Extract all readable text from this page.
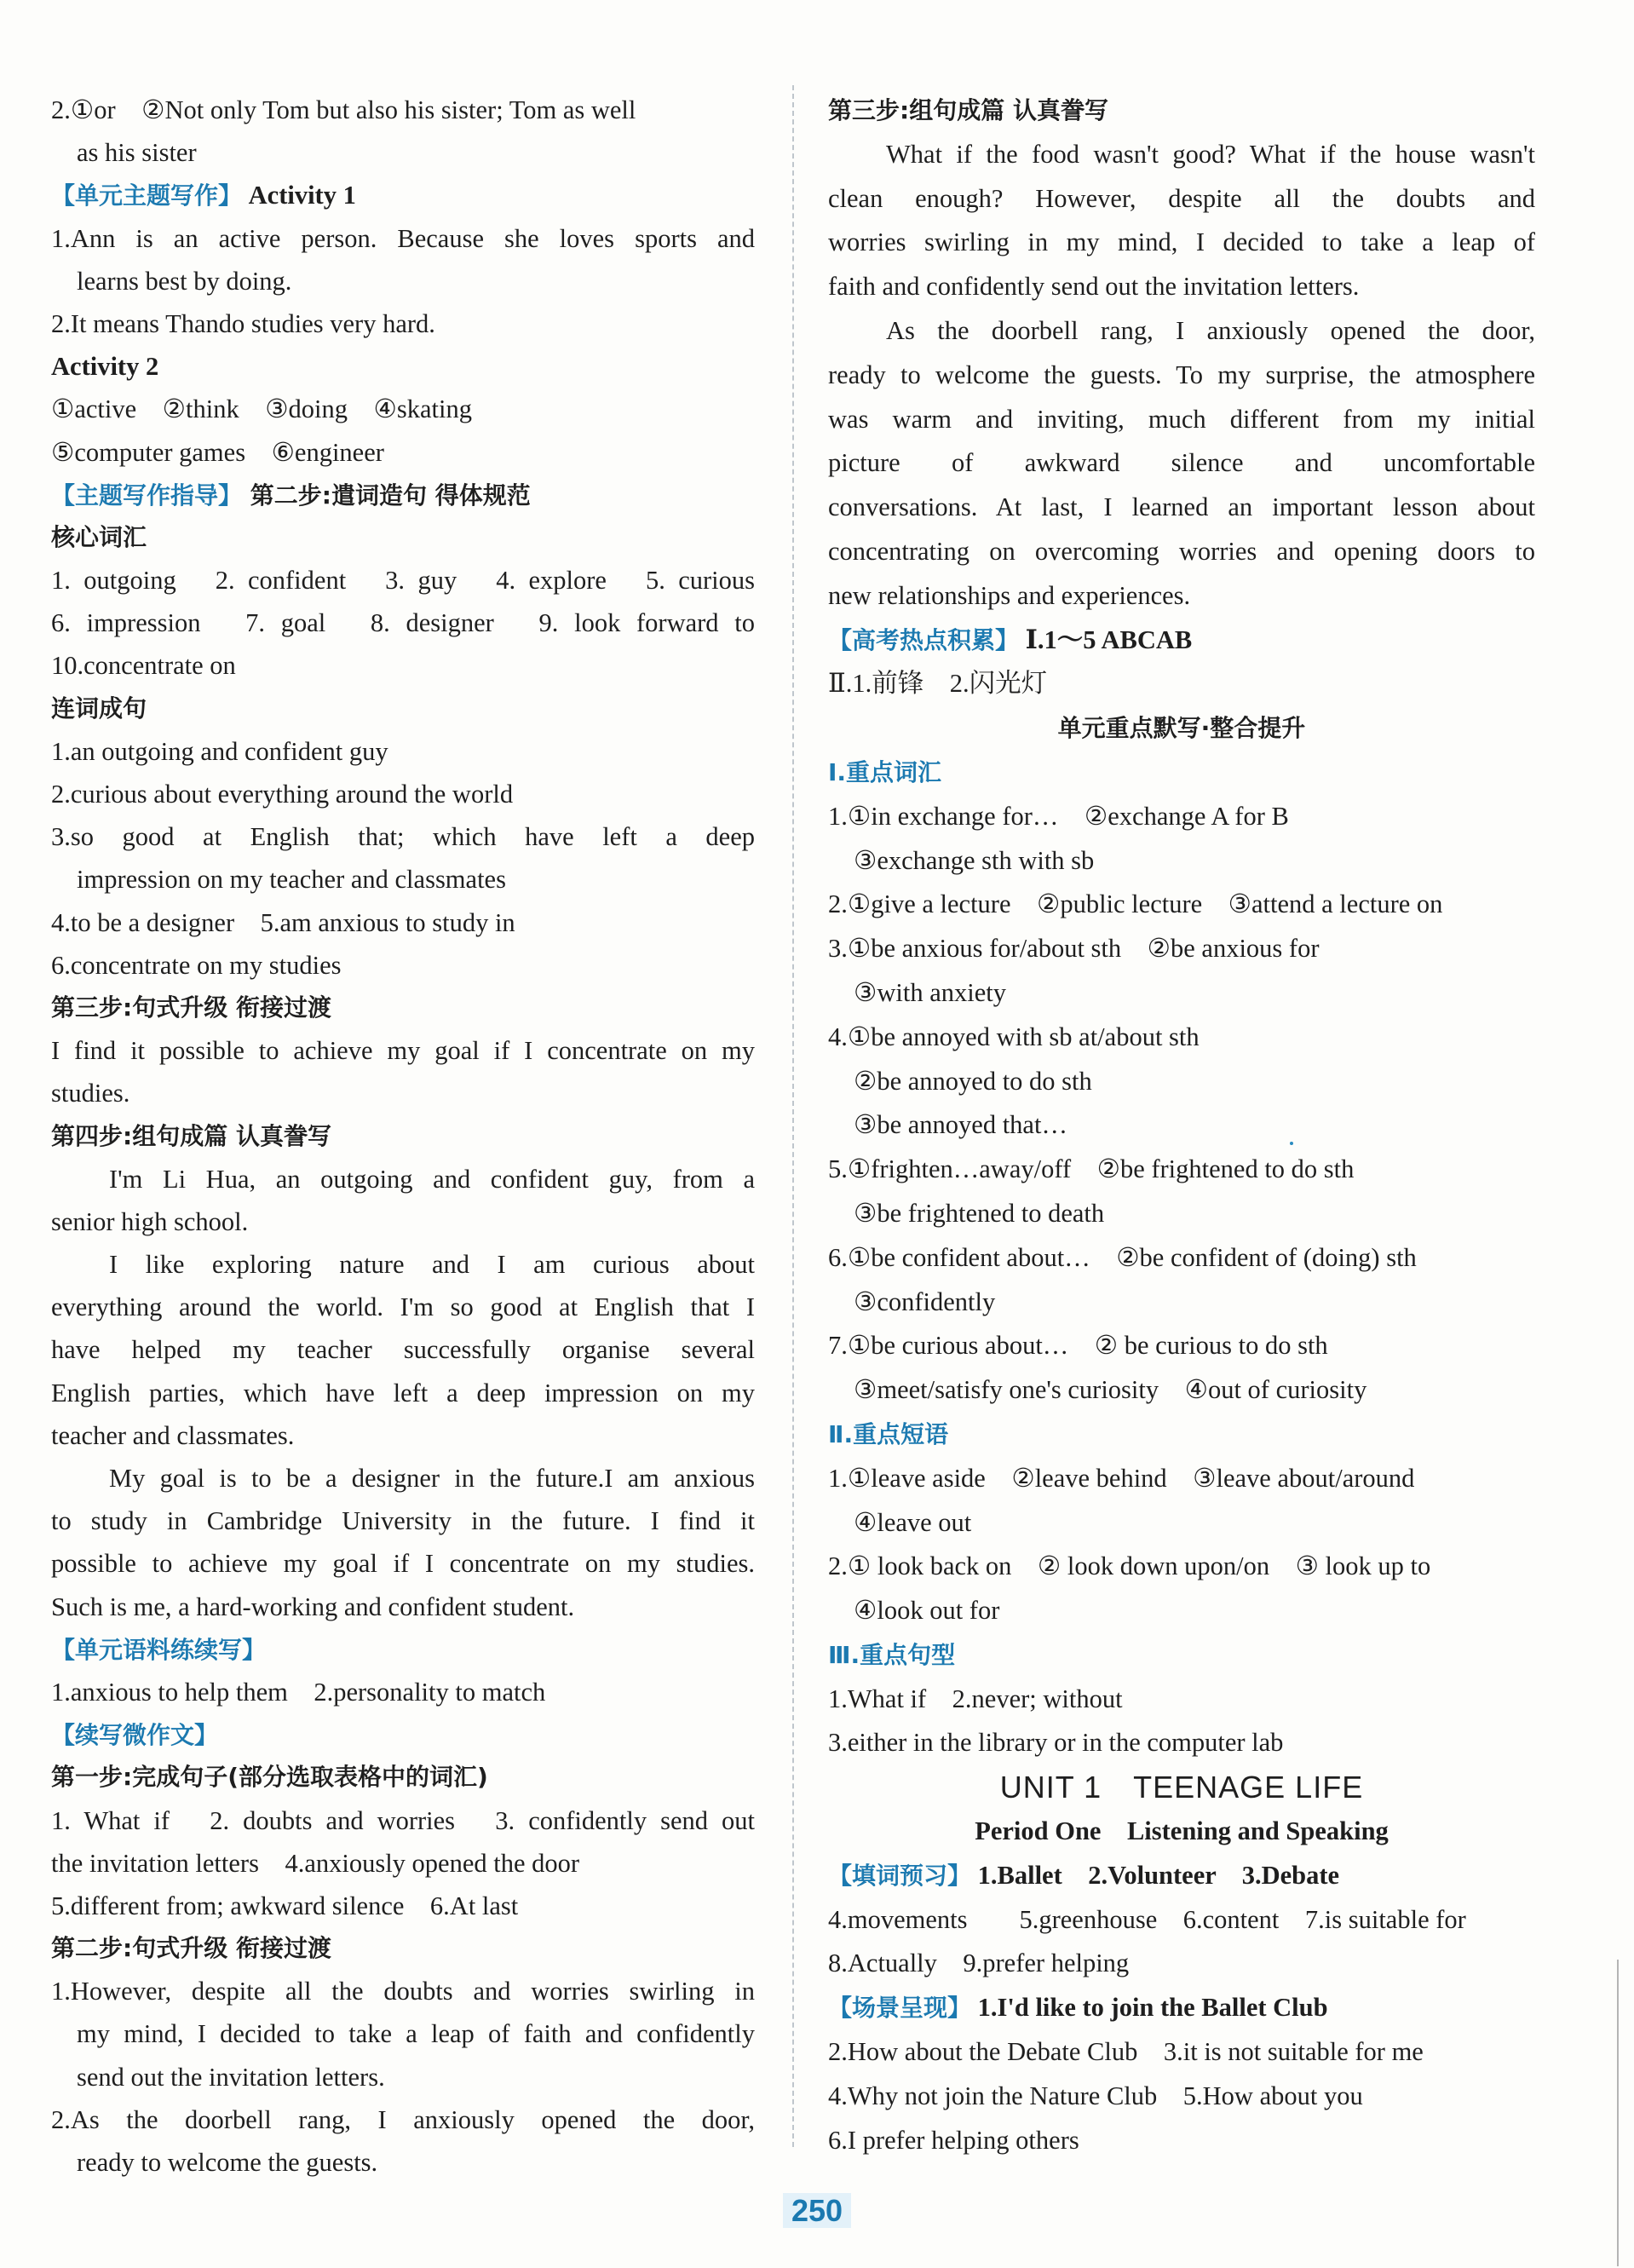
2.①or　②Not only Tom but also his sister; Tom as well
as his sister
【单元主题写作】 Activity 1
1.Ann is an active person. Because she loves sports and
learns best by doing.
2.It means Thando studies very hard.
Activity 2
①active　②think　③doing　④skating
⑤computer games　⑥engineer
【主题写作指导】 第二步:遣词造句 得体规范
核心词汇
1. outgoing　2. confident　3. guy　4. explore　5. curious
6. impression　7. goal　8. designer　9. look forward to
10.concentrate on
连词成句
1.an outgoing and confident guy
2.curious about everything around the world
3.so good at English that; which have left a deep
impression on my teacher and classmates
4.to be a designer　5.am anxious to study in
6.concentrate on my studies
第三步:句式升级 衔接过渡
I find it possible to achieve my goal if I concentrate on my
studies.
第四步:组句成篇 认真誊写
I'm Li Hua, an outgoing and confident guy, from a
senior high school.
I like exploring nature and I am curious about
everything around the world. I'm so good at English that I
have helped my teacher successfully organise several
English parties, which have left a deep impression on my
teacher and classmates.
My goal is to be a designer in the future.I am anxious
to study in Cambridge University in the future. I find it
possible to achieve my goal if I concentrate on my studies.
Such is me, a hard-working and confident student.
【单元语料练续写】
1.anxious to help them　2.personality to match
【续写微作文】
第一步:完成句子(部分选取表格中的词汇)
1. What if　2. doubts and worries　3. confidently send out
the invitation letters　4.anxiously opened the door
5.different from; awkward silence　6.At last
第二步:句式升级 衔接过渡
1.However, despite all the doubts and worries swirling in
my mind, I decided to take a leap of faith and confidently
send out the invitation letters.
2.As the doorbell rang, I anxiously opened the door,
ready to welcome the guests.
第三步:组句成篇 认真誊写
What if the food wasn't good? What if the house wasn't
clean enough? However, despite all the doubts and
worries swirling in my mind, I decided to take a leap of
faith and confidently send out the invitation letters.
As the doorbell rang, I anxiously opened the door,
ready to welcome the guests. To my surprise, the atmosphere
was warm and inviting, much different from my initial
picture of awkward silence and uncomfortable
conversations. At last, I learned an important lesson about
concentrating on overcoming worries and opening doors to
new relationships and experiences.
【高考热点积累】 Ⅰ.1～5 ABCAB
Ⅱ.1.前锋　2.闪光灯
单元重点默写·整合提升
Ⅰ.重点词汇
1.①in exchange for…　②exchange A for B
③exchange sth with sb
2.①give a lecture　②public lecture　③attend a lecture on
3.①be anxious for/about sth　②be anxious for
③with anxiety
4.①be annoyed with sb at/about sth
②be annoyed to do sth
③be annoyed that…
5.①frighten…away/off　②be frightened to do sth
③be frightened to death
6.①be confident about…　②be confident of (doing) sth
③confidently
7.①be curious about…　② be curious to do sth
③meet/satisfy one's curiosity　④out of curiosity
Ⅱ.重点短语
1.①leave aside　②leave behind　③leave about/around
④leave out
2.① look back on　② look down upon/on　③ look up to
④look out for
Ⅲ.重点句型
1.What if　2.never; without
3.either in the library or in the computer lab
UNIT 1　TEENAGE LIFE
Period One　Listening and Speaking
【填词预习】 1.Ballet　2.Volunteer　3.Debate
4.movements　　5.greenhouse　6.content　7.is suitable for
8.Actually　9.prefer helping
【场景呈现】 1.I'd like to join the Ballet Club
2.How about the Debate Club　3.it is not suitable for me
4.Why not join the Nature Club　5.How about you
6.I prefer helping others
250
